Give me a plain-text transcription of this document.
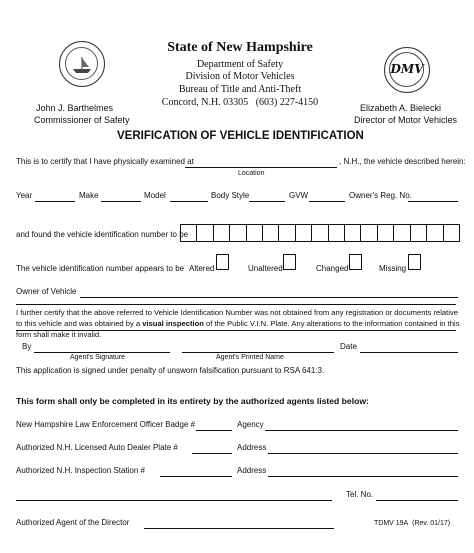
DMV
State of New Hampshire
Department of Safety
Division of Motor Vehicles
Bureau of Title and Anti-Theft
Concord, N.H. 03305 (603) 227-4150
John J. Barthelmes
Commissioner of Safety
Elizabeth A. Bielecki
Director of Motor Vehicles
VERIFICATION OF VEHICLE IDENTIFICATION
This is to certify that I have physically examined at	, N.H., the vehicle described herein:
Location
Year	Make	Model	Body Style	GVW	Owner's Reg. No.
and found the vehicle identification number to be
The vehicle identification number appears to be Altered	Unaltered	Changed	Missing
Owner of Vehicle
I further certify that the above referred to Vehicle Identification Number was not obtained from any registration or documents relative to this vehicle and was obtained by a visual inspection of the Public V.I.N. Plate. Any alterations to the information contained in this form shall make it invalid.
By	Date
Agent's Signature	Agent's Printed Name
This application is signed under penalty of unsworn falsification pursuant to RSA 641:3.
This form shall only be completed in its entirety by the authorized agents listed below:
New Hampshire Law Enforcement Officer Badge #	Agency
Authorized N.H. Licensed Auto Dealer Plate #	Address
Authorized N.H. Inspection Station #	Address
Tel. No.
Authorized Agent of the Director	TDMV 19A (Rev. 01/17)
